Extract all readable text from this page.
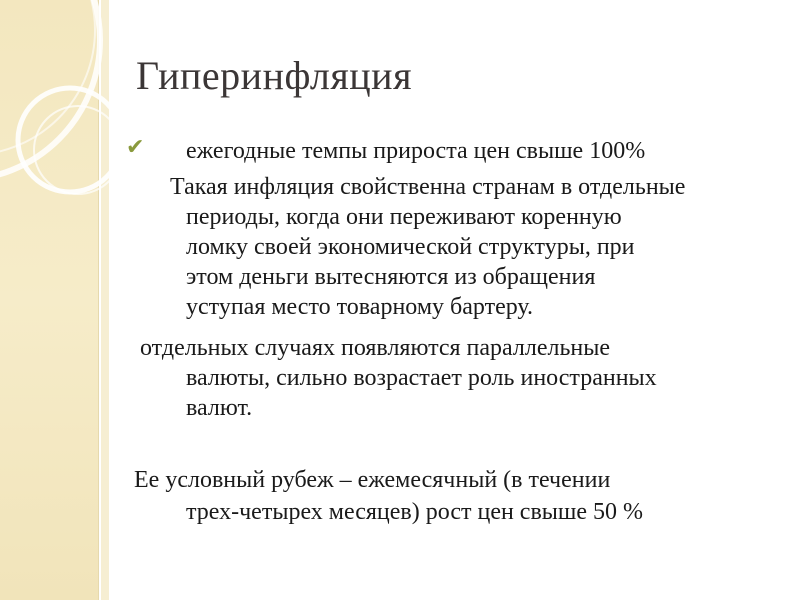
Гиперинфляция
✔ ежегодные темпы прироста цен свыше 100%
Такая инфляция свойственна странам в отдельные
периоды, когда они переживают коренную
ломку своей экономической структуры, при
этом деньги вытесняются из обращения
уступая место товарному бартеру.
отдельных случаях появляются параллельные
валюты, сильно возрастает роль иностранных
валют.
Ее условный рубеж – ежемесячный (в течении
трех-четырех месяцев) рост цен свыше 50 %
